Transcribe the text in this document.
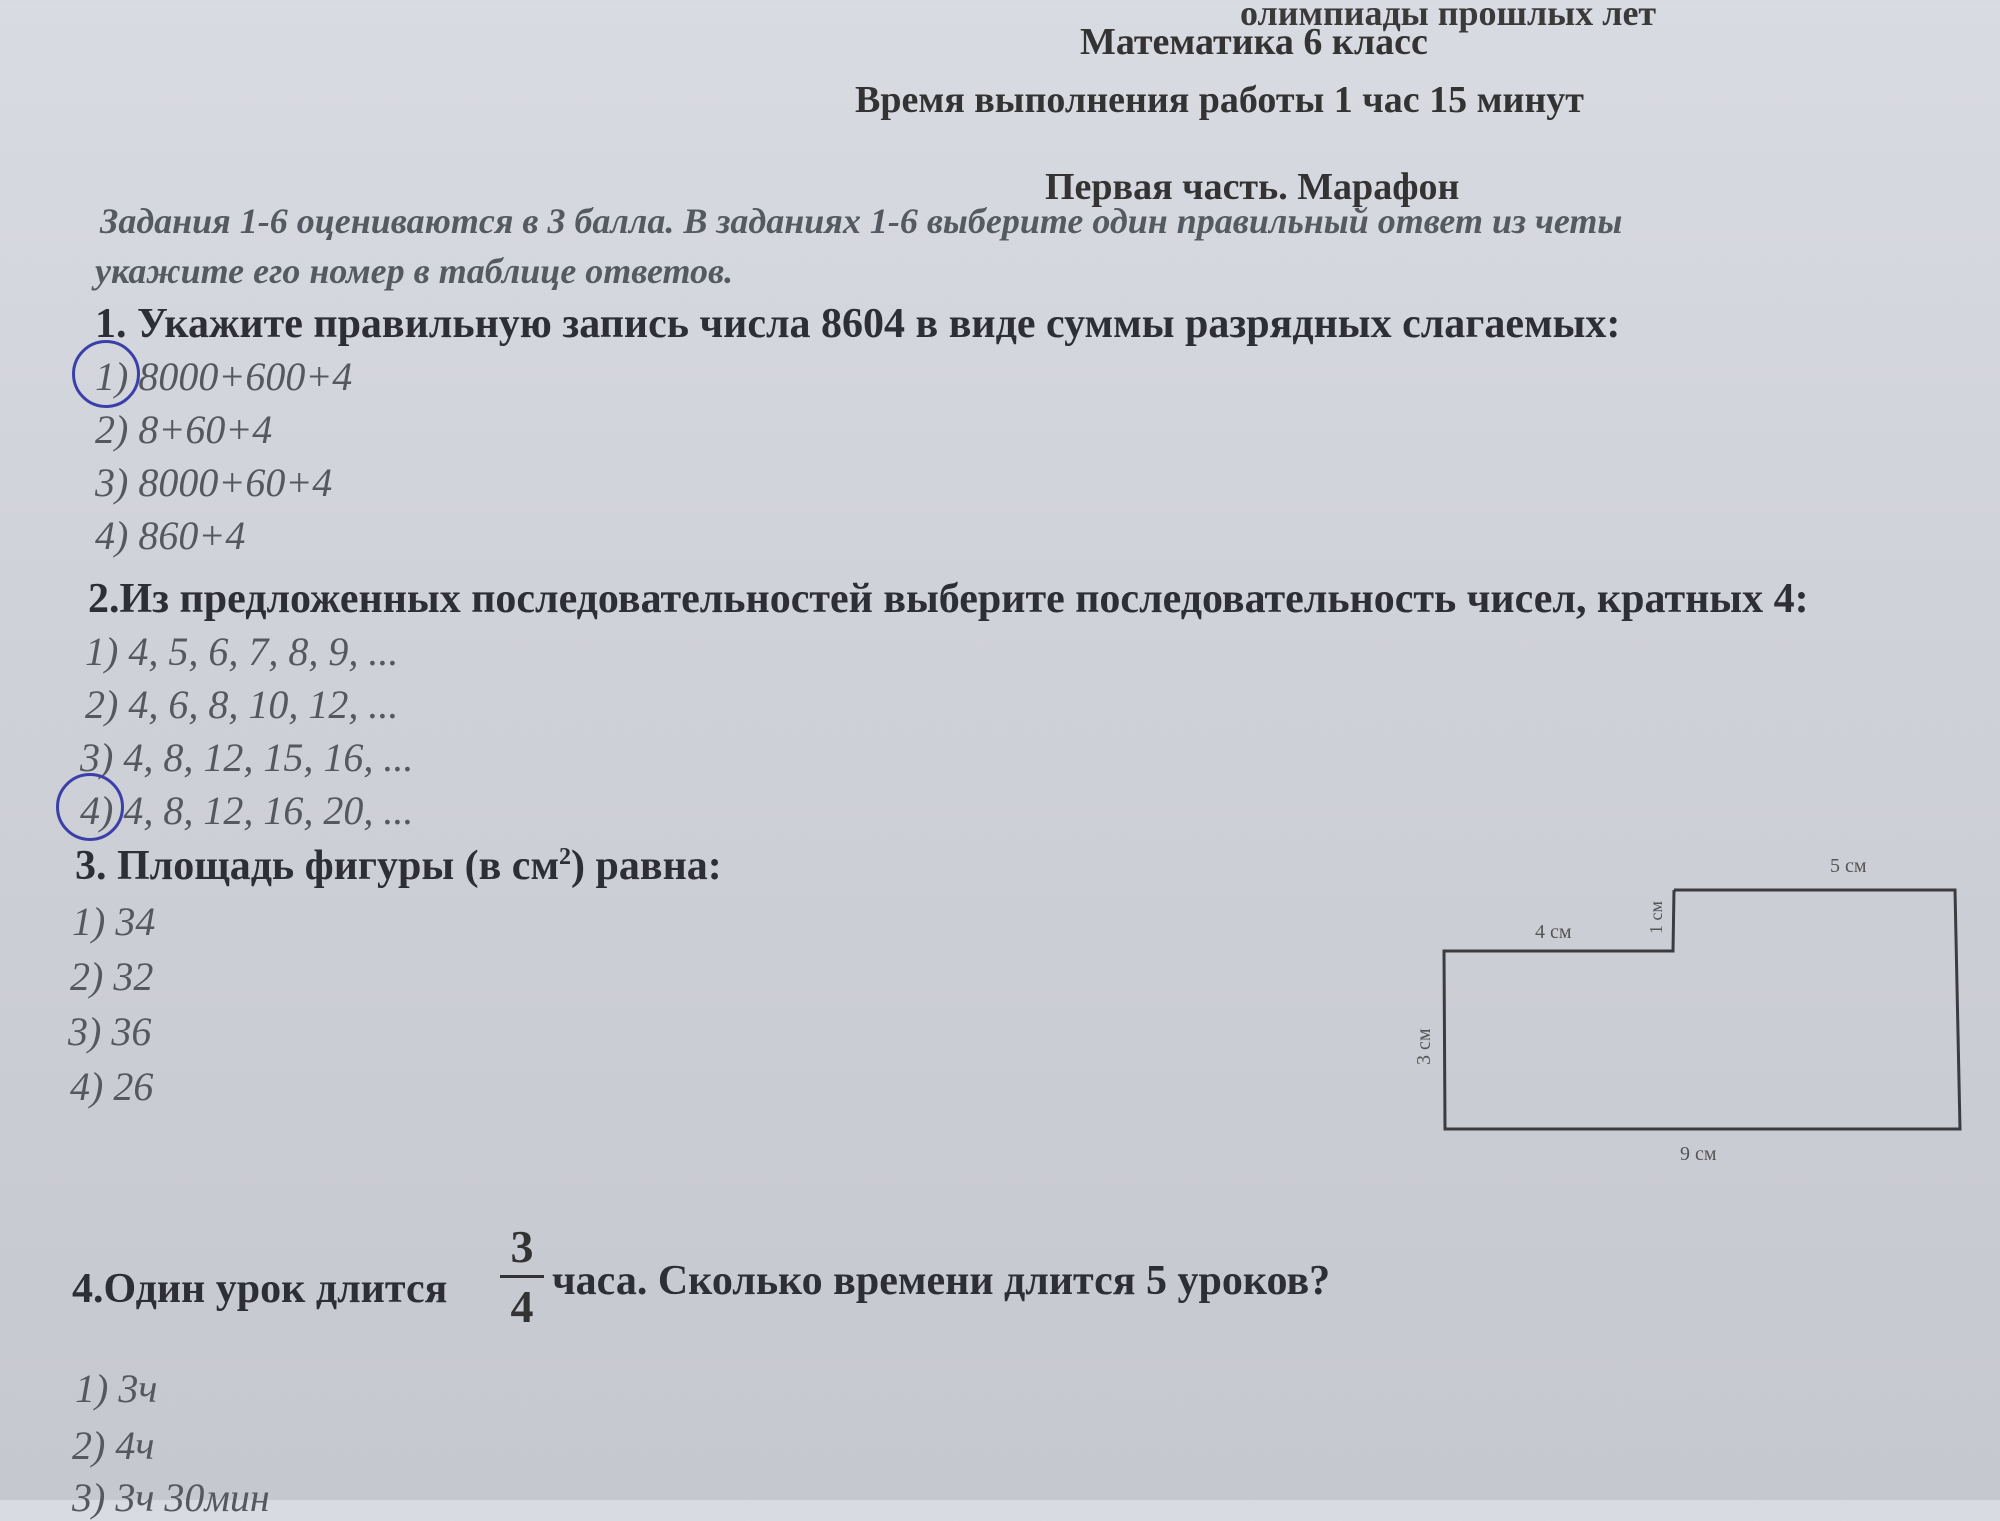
олимпиады прошлых лет
Математика 6 класс
Время выполнения работы 1 час 15 минут
Первая часть. Марафон
Задания 1-6 оцениваются в 3 балла. В заданиях 1-6 выберите один правильный ответ из четы
укажите его номер в таблице ответов.
1. Укажите правильную запись числа 8604 в виде суммы разрядных слагаемых:
1) 8000+600+4
2) 8+60+4
3) 8000+60+4
4) 860+4
2.Из предложенных последовательностей выберите последовательность чисел, кратных 4:
1) 4, 5, 6, 7, 8, 9, ...
2) 4, 6, 8, 10, 12, ...
3) 4, 8, 12, 15, 16, ...
4) 4, 8, 12, 16, 20, ...
3. Площадь фигуры (в $см^2$) равна:
1) 34
2) 32
3) 36
4) 26
5 см
4 см	1 см
3 см
9 см
4.Один урок длится
3
4 часа. Сколько времени длится 5 уроков?
1) 3ч
2) 4ч
3) 3ч 30мин
